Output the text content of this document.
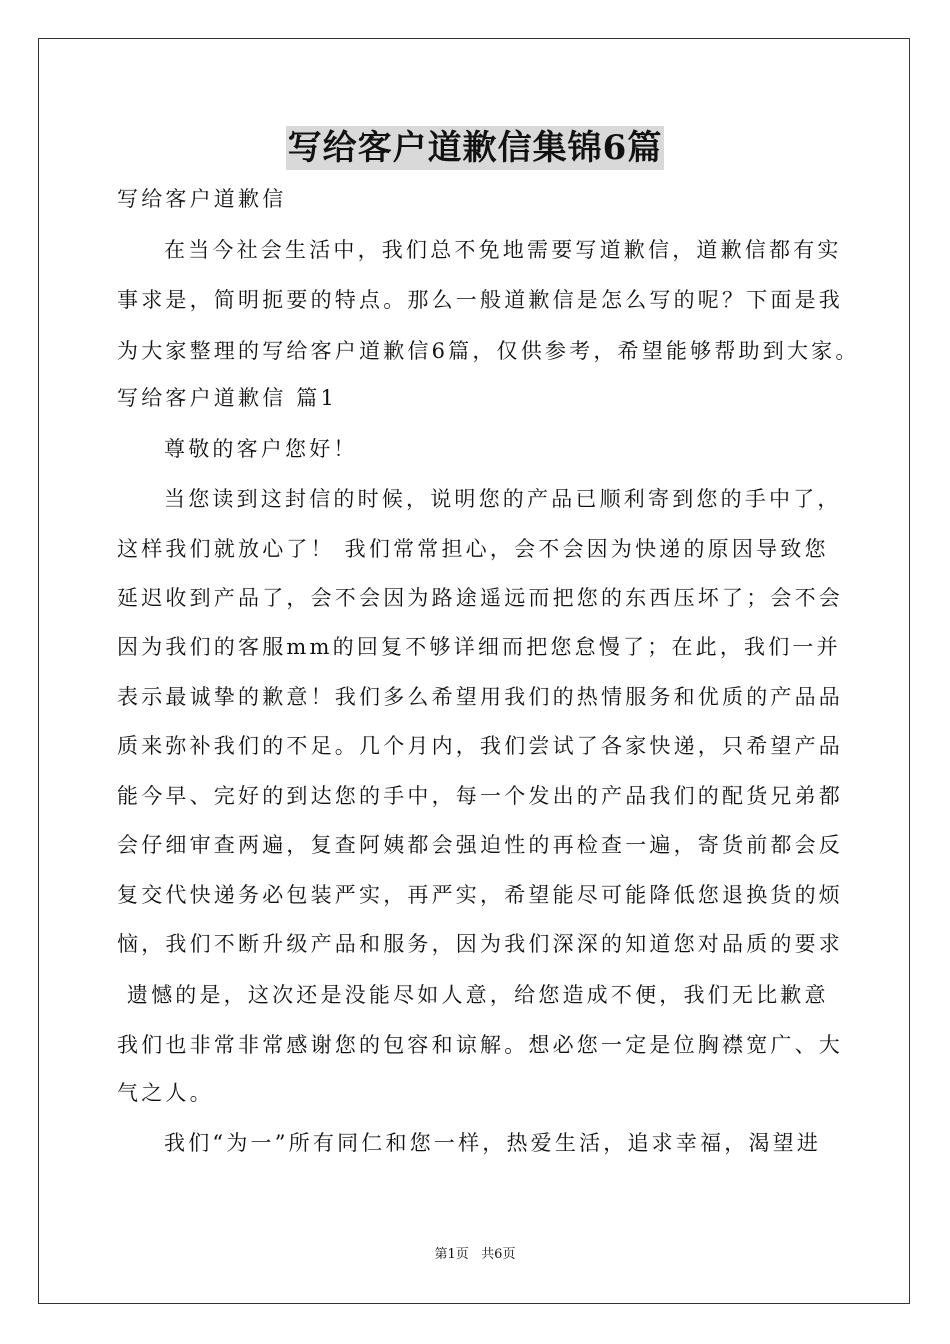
写给客户道歉信集锦6篇
写给客户道歉信
在当今社会生活中，我们总不免地需要写道歉信，道歉信都有实
事求是，简明扼要的特点。那么一般道歉信是怎么写的呢？下面是我
为大家整理的写给客户道歉信6篇，仅供参考，希望能够帮助到大家。
写给客户道歉信 篇1
尊敬的客户您好！
当您读到这封信的时候，说明您的产品已顺利寄到您的手中了，
这样我们就放心了！ 我们常常担心，会不会因为快递的原因导致您
延迟收到产品了，会不会因为路途遥远而把您的东西压坏了；会不会
因为我们的客服mm的回复不够详细而把您怠慢了；在此，我们一并
表示最诚挚的歉意！我们多么希望用我们的热情服务和优质的产品品
质来弥补我们的不足。几个月内，我们尝试了各家快递，只希望产品
能今早、完好的到达您的手中，每一个发出的产品我们的配货兄弟都
会仔细审查两遍，复查阿姨都会强迫性的再检查一遍，寄货前都会反
复交代快递务必包装严实，再严实，希望能尽可能降低您退换货的烦
恼，我们不断升级产品和服务，因为我们深深的知道您对品质的要求
遗憾的是，这次还是没能尽如人意，给您造成不便，我们无比歉意
我们也非常非常感谢您的包容和谅解。想必您一定是位胸襟宽广、大
气之人。
我们“为一”所有同仁和您一样，热爱生活，追求幸福，渴望进
第1页   共6页
